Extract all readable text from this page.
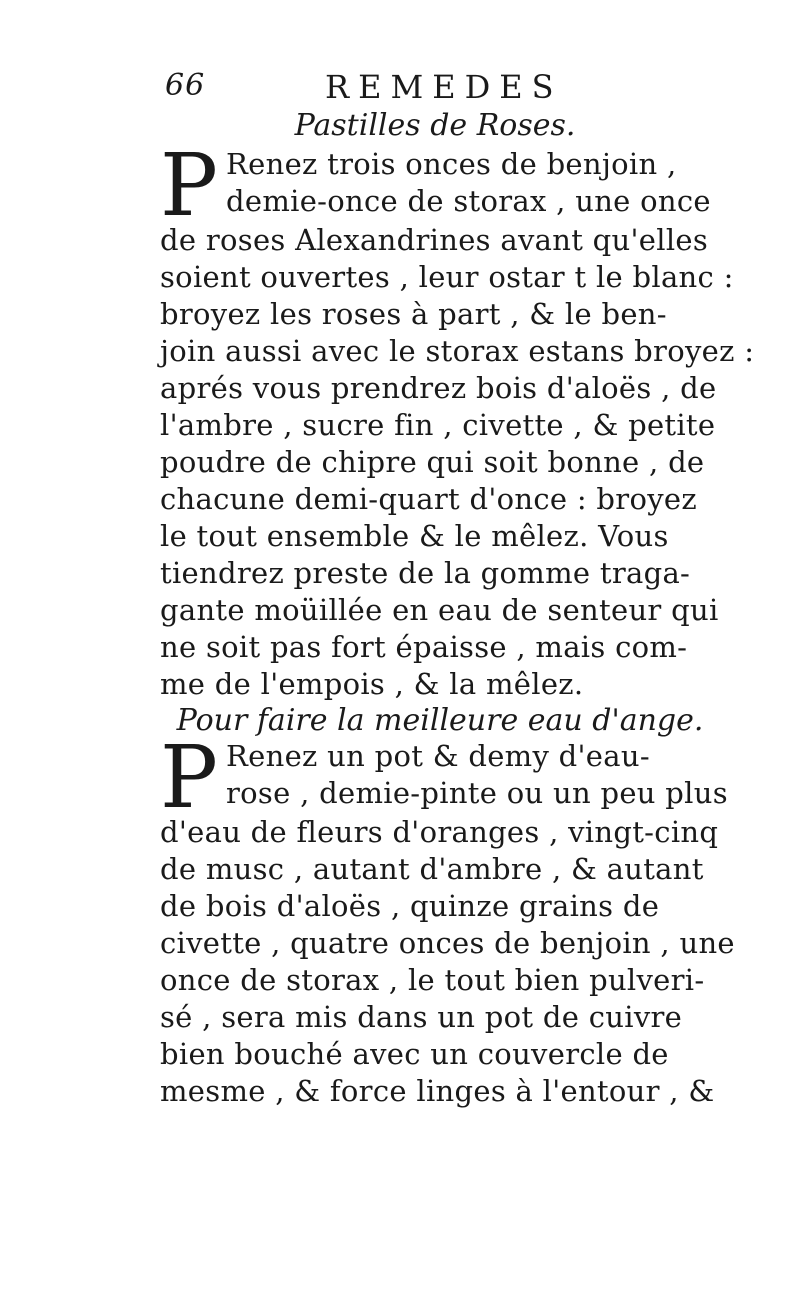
66	REMEDES
Pastilles de Roses.
P Renez trois onces de benjoin ,
demie-once de storax , une once
de roses Alexandrines avant qu'elles
soient ouvertes , leur ostar t le blanc :
broyez les roses à part , & le ben-
join aussi avec le storax estans broyez :
aprés vous prendrez bois d'aloës , de
l'ambre , sucre fin , civette , & petite
poudre de chipre qui soit bonne , de
chacune demi-quart d'once : broyez
le tout ensemble & le mêlez. Vous
tiendrez preste de la gomme traga-
gante moüillée en eau de senteur qui
ne soit pas fort épaisse , mais com-
me de l'empois , & la mêlez.
Pour faire la meilleure eau d'ange.
P Renez un pot & demy d'eau-
rose , demie-pinte ou un peu plus
d'eau de fleurs d'oranges , vingt-cinq
de musc , autant d'ambre , & autant
de bois d'aloës , quinze grains de
civette , quatre onces de benjoin , une
once de storax , le tout bien pulveri-
sé , sera mis dans un pot de cuivre
bien bouché avec un couvercle de
mesme , & force linges à l'entour , &
